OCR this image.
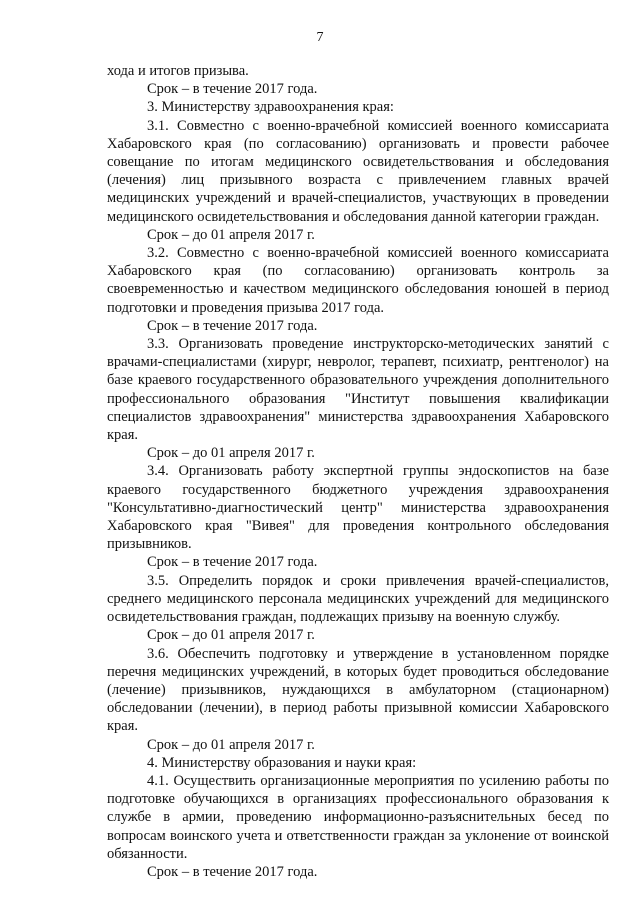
7

хода и итогов призыва.

Срок – в течение 2017 года.

3. Министерству здравоохранения края:

3.1. Совместно с военно-врачебной комиссией военного комиссариата Хабаровского края (по согласованию) организовать и провести рабочее совещание по итогам медицинского освидетельствования и обследования (лечения) лиц призывного возраста с привлечением главных врачей медицинских учреждений и врачей-специалистов, участвующих в проведении медицинского освидетельствования и обследования данной категории граждан.

Срок – до 01 апреля 2017 г.

3.2. Совместно с военно-врачебной комиссией военного комиссариата Хабаровского края (по согласованию) организовать контроль за своевременностью и качеством медицинского обследования юношей в период подготовки и проведения призыва 2017 года.

Срок – в течение 2017 года.

3.3. Организовать проведение инструкторско-методических занятий с врачами-специалистами (хирург, невролог, терапевт, психиатр, рентгенолог) на базе краевого государственного образовательного учреждения дополнительного профессионального образования "Институт повышения квалификации специалистов здравоохранения" министерства здравоохранения Хабаровского края.

Срок – до 01 апреля 2017 г.

3.4. Организовать работу экспертной группы эндоскопистов на базе краевого государственного бюджетного учреждения здравоохранения "Консультативно-диагностический центр" министерства здравоохранения Хабаровского края "Вивея" для проведения контрольного обследования призывников.

Срок – в течение 2017 года.

3.5. Определить порядок и сроки привлечения врачей-специалистов, среднего медицинского персонала медицинских учреждений для медицинского освидетельствования граждан, подлежащих призыву на военную службу.

Срок – до 01 апреля 2017 г.

3.6. Обеспечить подготовку и утверждение в установленном порядке перечня медицинских учреждений, в которых будет проводиться обследование (лечение) призывников, нуждающихся в амбулаторном (стационарном) обследовании (лечении), в период работы призывной комиссии Хабаровского края.

Срок – до 01 апреля 2017 г.

4. Министерству образования и науки края:

4.1. Осуществить организационные мероприятия по усилению работы по подготовке обучающихся в организациях профессионального образования к службе в армии, проведению информационно-разъяснительных бесед по вопросам воинского учета и ответственности граждан за уклонение от воинской обязанности.

Срок – в течение 2017 года.
